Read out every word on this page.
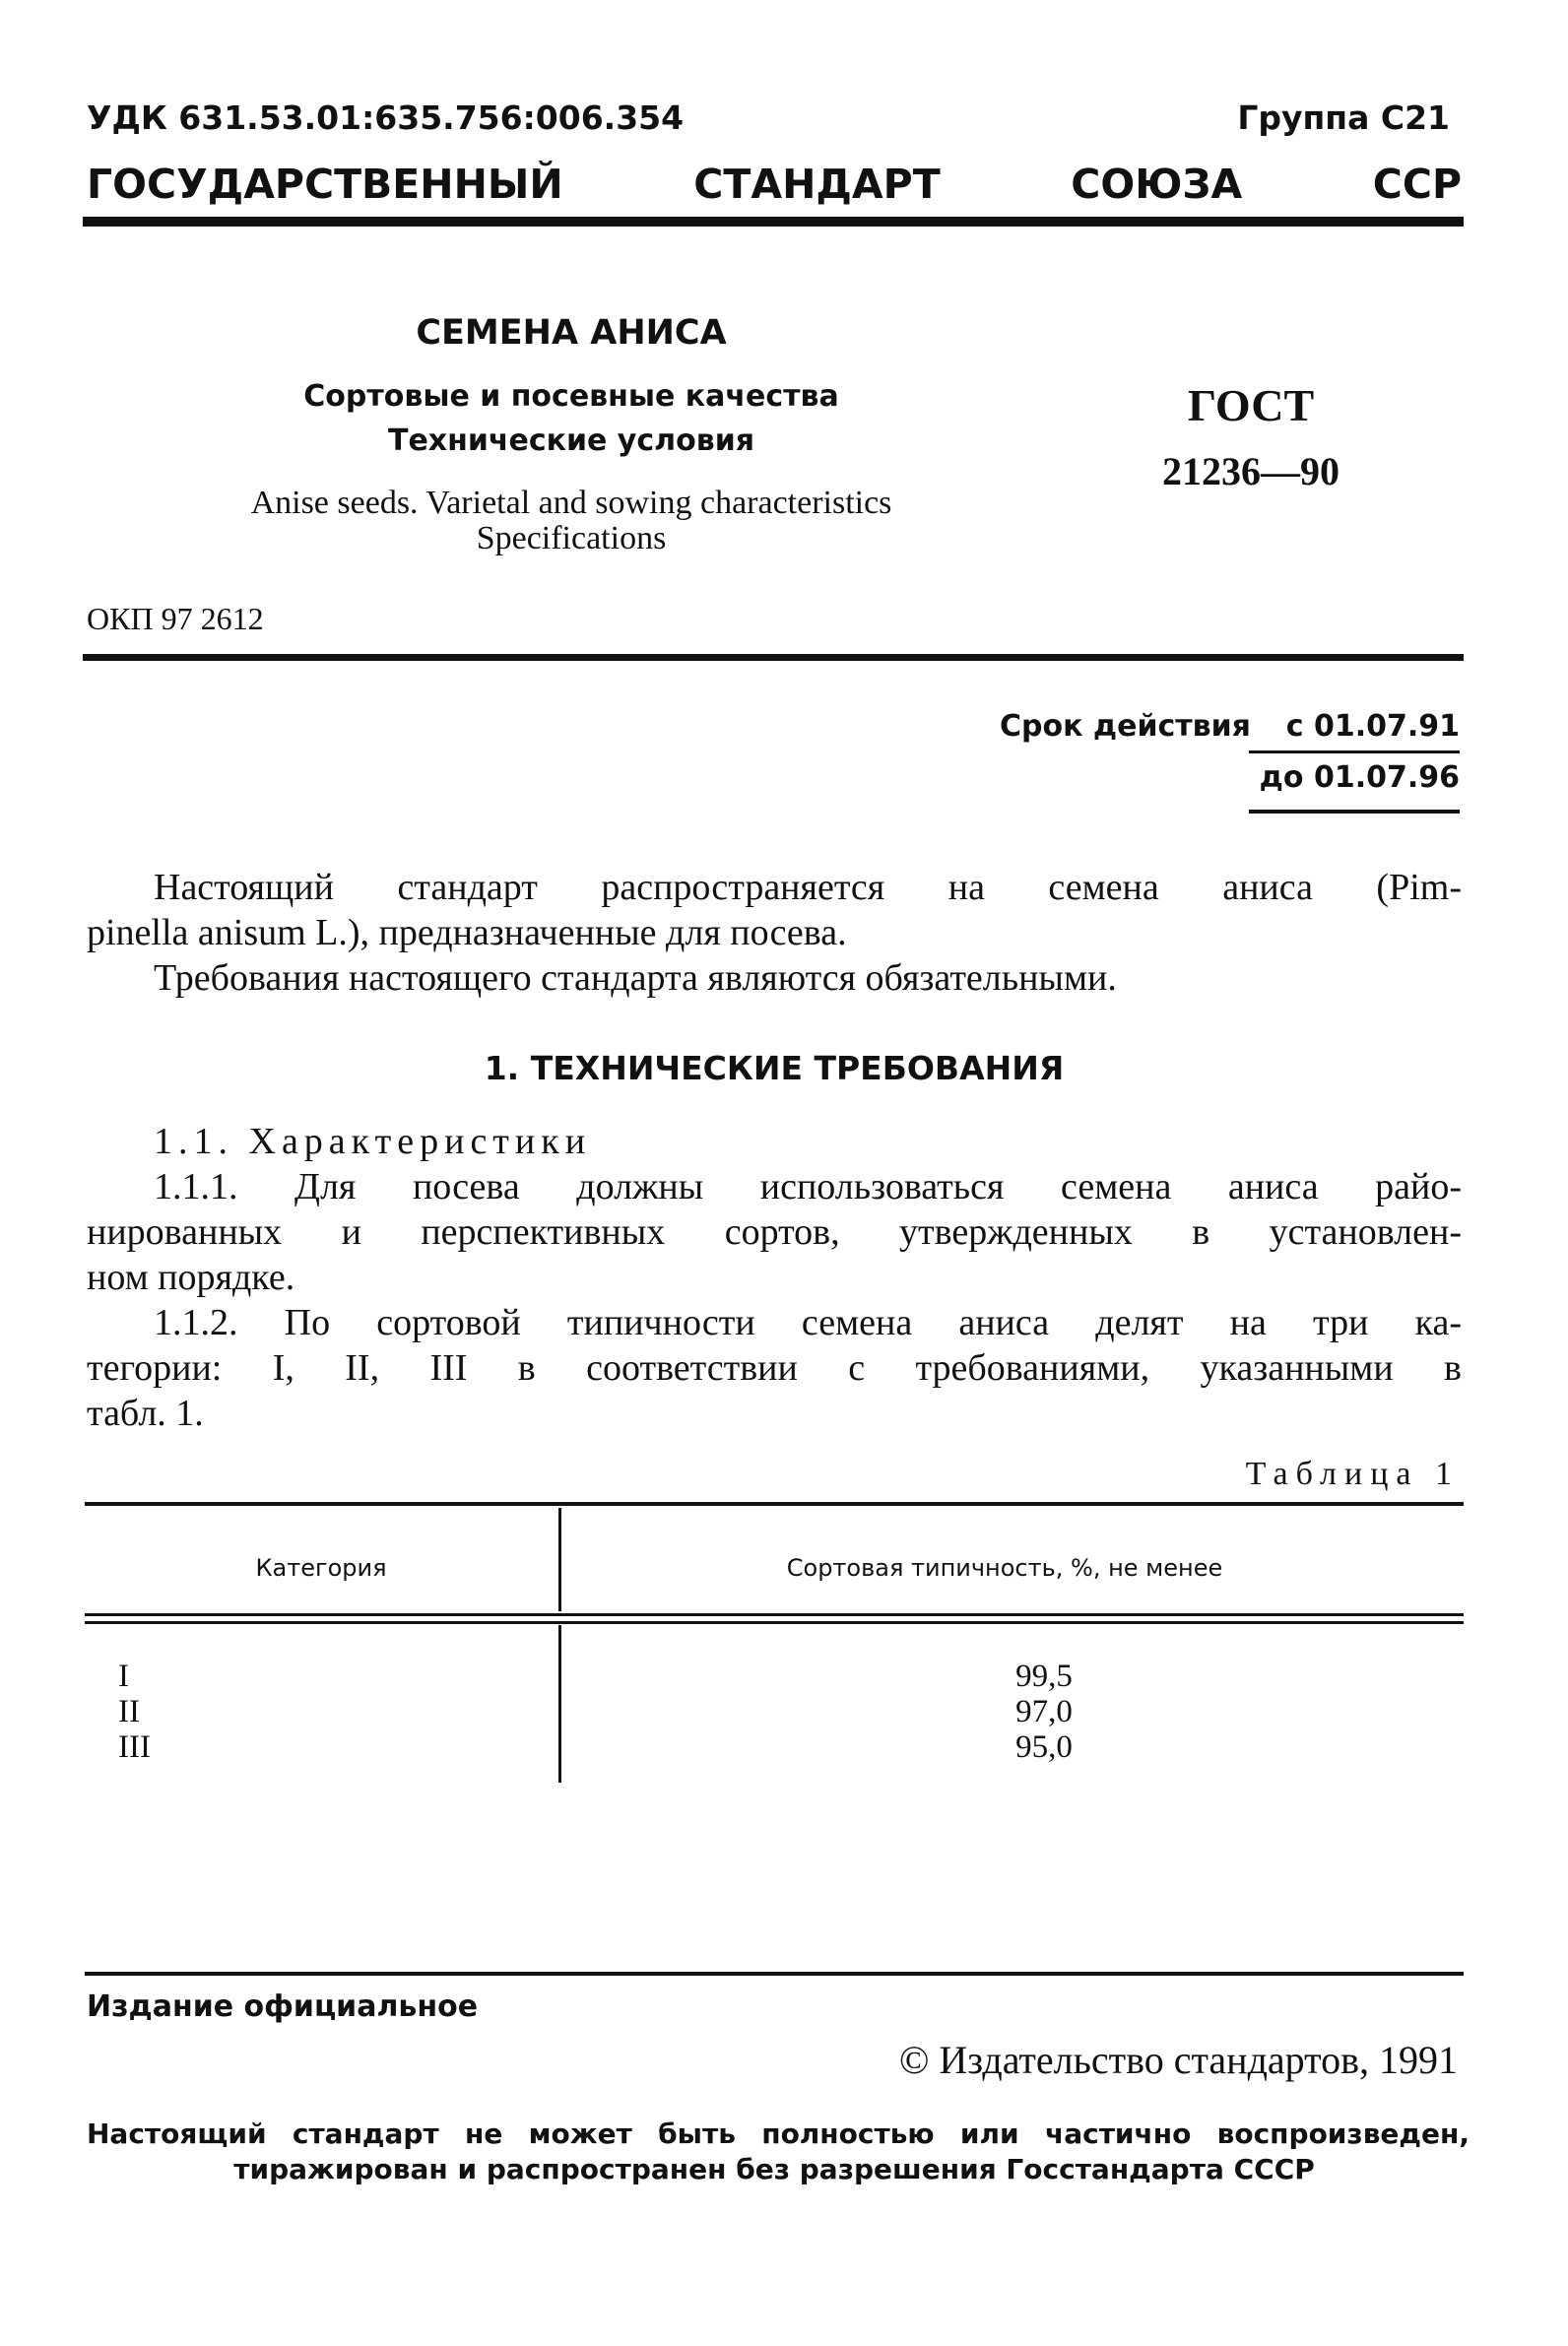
УДК 631.53.01:635.756:006.354	Группа С21
ГОСУДАРСТВЕННЫЙ СТАНДАРТ СОЮЗА ССР
СЕМЕНА АНИСА
Сортовые и посевные качества
Технические условия
Anise seeds. Varietal and sowing characteristics
Specifications
ГОСТ
21236—90
ОКП 97 2612
Срок действия с 01.07.91
до 01.07.96
Настоящий стандарт распространяется на семена аниса (Pim-
pinella anisum L.), предназначенные для посева.
Требования настоящего стандарта являются обязательными.
1. ТЕХНИЧЕСКИЕ ТРЕБОВАНИЯ
1.1. Характеристики
1.1.1. Для посева должны использоваться семена аниса райо-
нированных и перспективных сортов, утвержденных в установлен-
ном порядке.
1.1.2. По сортовой типичности семена аниса делят на три ка-
тегории: I, II, III в соответствии с требованиями, указанными в
табл. 1.
Таблица 1
Категория	Сортовая типичность, %, не менее
I	99,5
II	97,0
III	95,0
Издание официальное
© Издательство стандартов, 1991
Настоящий стандарт не может быть полностью или частично воспроизведен,
тиражирован и распространен без разрешения Госстандарта СССР
